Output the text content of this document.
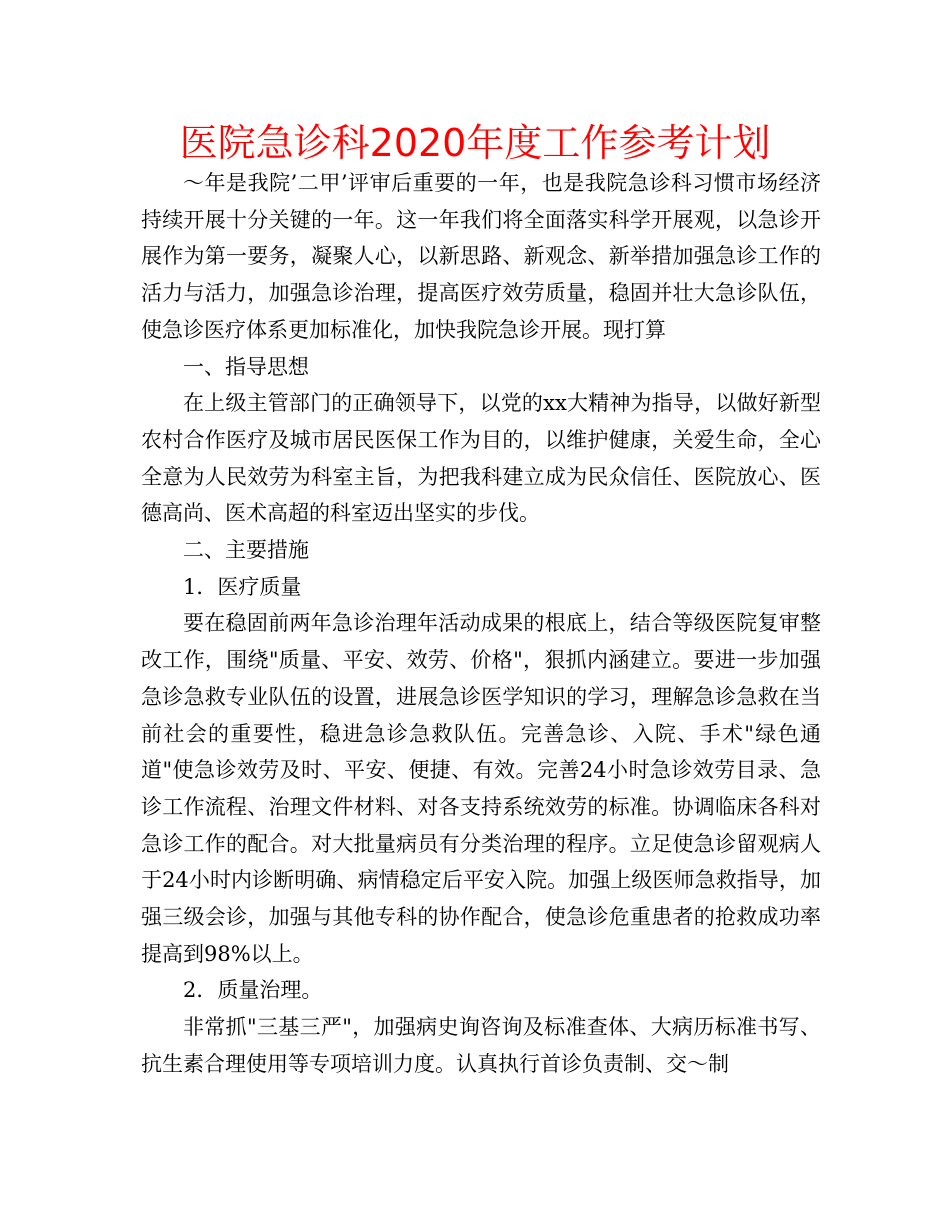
医院急诊科2020年度工作参考计划

～年是我院’二甲’评审后重要的一年，也是我院急诊科习惯市场经济持续开展十分关键的一年。这一年我们将全面落实科学开展观，以急诊开展作为第一要务，凝聚人心，以新思路、新观念、新举措加强急诊工作的活力与活力，加强急诊治理，提高医疗效劳质量，稳固并壮大急诊队伍，使急诊医疗体系更加标准化，加快我院急诊开展。现打算

一、指导思想

在上级主管部门的正确领导下，以党的xx大精神为指导，以做好新型农村合作医疗及城市居民医保工作为目的，以维护健康，关爱生命，全心全意为人民效劳为科室主旨，为把我科建立成为民众信任、医院放心、医德高尚、医术高超的科室迈出坚实的步伐。

二、主要措施

1．医疗质量

要在稳固前两年急诊治理年活动成果的根底上，结合等级医院复审整改工作，围绕"质量、平安、效劳、价格"，狠抓内涵建立。要进一步加强急诊急救专业队伍的设置，进展急诊医学知识的学习，理解急诊急救在当前社会的重要性，稳进急诊急救队伍。完善急诊、入院、手术"绿色通道"使急诊效劳及时、平安、便捷、有效。完善24小时急诊效劳目录、急诊工作流程、治理文件材料、对各支持系统效劳的标准。协调临床各科对急诊工作的配合。对大批量病员有分类治理的程序。立足使急诊留观病人于24小时内诊断明确、病情稳定后平安入院。加强上级医师急救指导，加强三级会诊，加强与其他专科的协作配合，使急诊危重患者的抢救成功率提高到98%以上。

2．质量治理。

非常抓"三基三严"，加强病史询咨询及标准查体、大病历标准书写、抗生素合理使用等专项培训力度。认真执行首诊负责制、交～制
